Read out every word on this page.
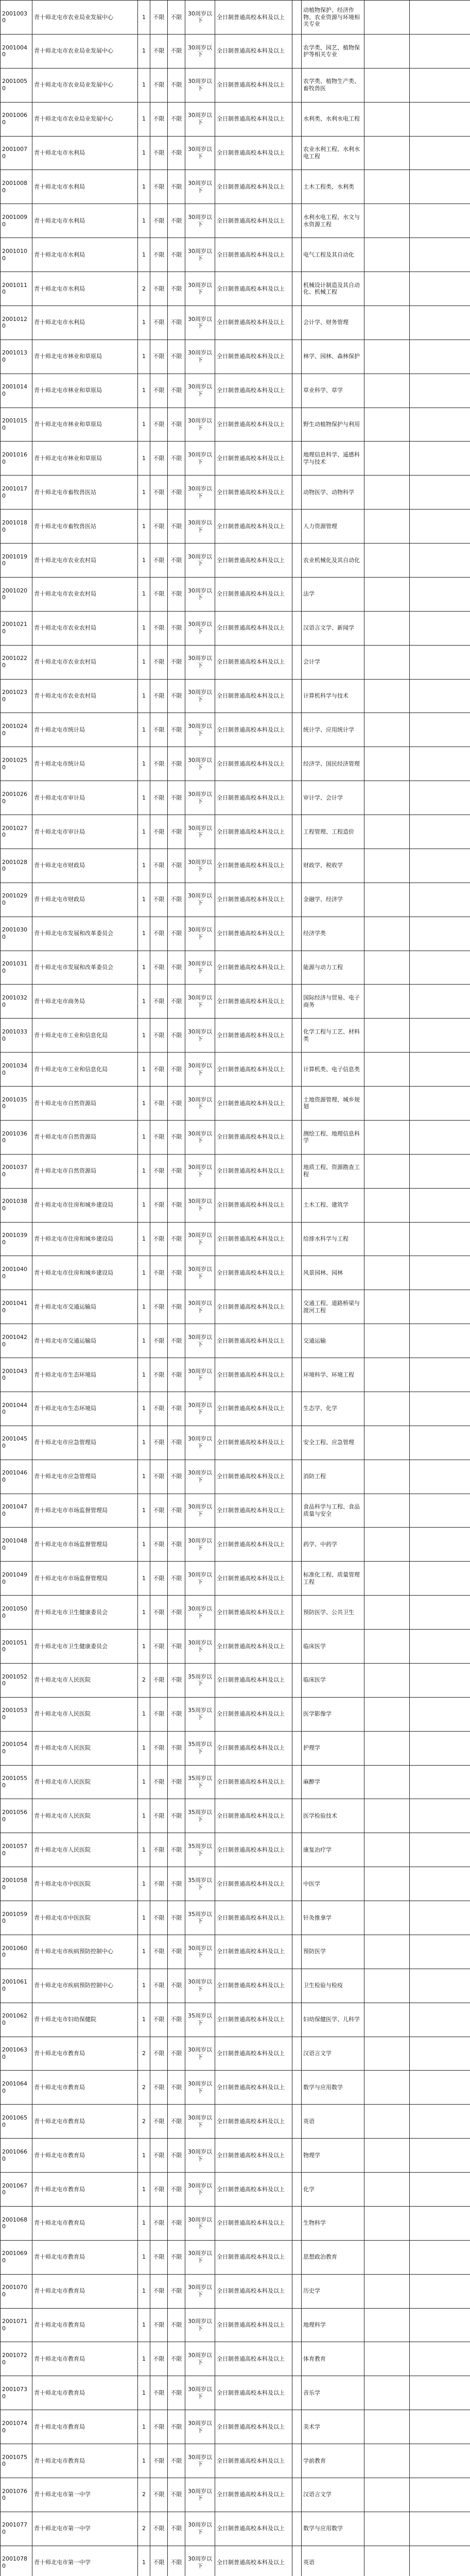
20010030	青十师北屯市农业局业发展中心	1	不限	不限	30周岁以下	全日制普通高校本科及以上		动植物保护、经济作物、农业资源与环境相关专业		
20010040	青十师北屯市农业局业发展中心	1	不限	不限	30周岁以下	全日制普通高校本科及以上		农学类、园艺、植物保护等相关专业		
20010050	青十师北屯市农业局业发展中心	1	不限	不限	30周岁以下	全日制普通高校本科及以上		农学类、植物生产类、畜牧兽医		
20010060	青十师北屯市农业局业发展中心	1	不限	不限	30周岁以下	全日制普通高校本科及以上		水利类、水利水电工程		
20010070	青十师北屯市水利局	1	不限	不限	30周岁以下	全日制普通高校本科及以上		农业水利工程、水利水电工程		
20010080	青十师北屯市水利局	1	不限	不限	30周岁以下	全日制普通高校本科及以上		土木工程类、水利类		
20010090	青十师北屯市水利局	1	不限	不限	30周岁以下	全日制普通高校本科及以上		水利水电工程、水文与水资源工程		
20010100	青十师北屯市水利局	1	不限	不限	30周岁以下	全日制普通高校本科及以上		电气工程及其自动化		
20010110	青十师北屯市水利局	2	不限	不限	30周岁以下	全日制普通高校本科及以上		机械设计制造及其自动化、机械工程		
20010120	青十师北屯市水利局	1	不限	不限	30周岁以下	全日制普通高校本科及以上		会计学、财务管理		
20010130	青十师北屯市林业和草原局	1	不限	不限	30周岁以下	全日制普通高校本科及以上		林学、园林、森林保护		
20010140	青十师北屯市林业和草原局	1	不限	不限	30周岁以下	全日制普通高校本科及以上		草业科学、草学		
20010150	青十师北屯市林业和草原局	1	不限	不限	30周岁以下	全日制普通高校本科及以上		野生动植物保护与利用		
20010160	青十师北屯市林业和草原局	1	不限	不限	30周岁以下	全日制普通高校本科及以上		地理信息科学、遥感科学与技术		
20010170	青十师北屯市畜牧兽医站	1	不限	不限	30周岁以下	全日制普通高校本科及以上		动物医学、动物科学		
20010180	青十师北屯市畜牧兽医站	1	不限	不限	30周岁以下	全日制普通高校本科及以上		人力资源管理		
20010190	青十师北屯市农业农村局	1	不限	不限	30周岁以下	全日制普通高校本科及以上		农业机械化及其自动化		
20010200	青十师北屯市农业农村局	1	不限	不限	30周岁以下	全日制普通高校本科及以上		法学		
20010210	青十师北屯市农业农村局	1	不限	不限	30周岁以下	全日制普通高校本科及以上		汉语言文学、新闻学		
20010220	青十师北屯市农业农村局	1	不限	不限	30周岁以下	全日制普通高校本科及以上		会计学		
20010230	青十师北屯市农业农村局	1	不限	不限	30周岁以下	全日制普通高校本科及以上		计算机科学与技术		
20010240	青十师北屯市统计局	1	不限	不限	30周岁以下	全日制普通高校本科及以上		统计学、应用统计学		
20010250	青十师北屯市统计局	1	不限	不限	30周岁以下	全日制普通高校本科及以上		经济学、国民经济管理		
20010260	青十师北屯市审计局	1	不限	不限	30周岁以下	全日制普通高校本科及以上		审计学、会计学		
20010270	青十师北屯市审计局	1	不限	不限	30周岁以下	全日制普通高校本科及以上		工程管理、工程造价		
20010280	青十师北屯市财政局	1	不限	不限	30周岁以下	全日制普通高校本科及以上		财政学、税收学		
20010290	青十师北屯市财政局	1	不限	不限	30周岁以下	全日制普通高校本科及以上		金融学、经济学		
20010300	青十师北屯市发展和改革委员会	1	不限	不限	30周岁以下	全日制普通高校本科及以上		经济学类		
20010310	青十师北屯市发展和改革委员会	1	不限	不限	30周岁以下	全日制普通高校本科及以上		能源与动力工程		
20010320	青十师北屯市商务局	1	不限	不限	30周岁以下	全日制普通高校本科及以上		国际经济与贸易、电子商务		
20010330	青十师北屯市工业和信息化局	1	不限	不限	30周岁以下	全日制普通高校本科及以上		化学工程与工艺、材料类		
20010340	青十师北屯市工业和信息化局	1	不限	不限	30周岁以下	全日制普通高校本科及以上		计算机类、电子信息类		
20010350	青十师北屯市自然资源局	1	不限	不限	30周岁以下	全日制普通高校本科及以上		土地资源管理、城乡规划		
20010360	青十师北屯市自然资源局	1	不限	不限	30周岁以下	全日制普通高校本科及以上		测绘工程、地理信息科学		
20010370	青十师北屯市自然资源局	1	不限	不限	30周岁以下	全日制普通高校本科及以上		地质工程、资源勘查工程		
20010380	青十师北屯市住房和城乡建设局	1	不限	不限	30周岁以下	全日制普通高校本科及以上		土木工程、建筑学		
20010390	青十师北屯市住房和城乡建设局	1	不限	不限	30周岁以下	全日制普通高校本科及以上		给排水科学与工程		
20010400	青十师北屯市住房和城乡建设局	1	不限	不限	30周岁以下	全日制普通高校本科及以上		风景园林、园林		
20010410	青十师北屯市交通运输局	1	不限	不限	30周岁以下	全日制普通高校本科及以上		交通工程、道路桥梁与渡河工程		
20010420	青十师北屯市交通运输局	1	不限	不限	30周岁以下	全日制普通高校本科及以上		交通运输		
20010430	青十师北屯市生态环境局	1	不限	不限	30周岁以下	全日制普通高校本科及以上		环境科学、环境工程		
20010440	青十师北屯市生态环境局	1	不限	不限	30周岁以下	全日制普通高校本科及以上		生态学、化学		
20010450	青十师北屯市应急管理局	1	不限	不限	30周岁以下	全日制普通高校本科及以上		安全工程、应急管理		
20010460	青十师北屯市应急管理局	1	不限	不限	30周岁以下	全日制普通高校本科及以上		消防工程		
20010470	青十师北屯市市场监督管理局	1	不限	不限	30周岁以下	全日制普通高校本科及以上		食品科学与工程、食品质量与安全		
20010480	青十师北屯市市场监督管理局	1	不限	不限	30周岁以下	全日制普通高校本科及以上		药学、中药学		
20010490	青十师北屯市市场监督管理局	1	不限	不限	30周岁以下	全日制普通高校本科及以上		标准化工程、质量管理工程		
20010500	青十师北屯市卫生健康委员会	1	不限	不限	30周岁以下	全日制普通高校本科及以上		预防医学、公共卫生		
20010510	青十师北屯市卫生健康委员会	1	不限	不限	30周岁以下	全日制普通高校本科及以上		临床医学		
20010520	青十师北屯市人民医院	2	不限	不限	35周岁以下	全日制普通高校本科及以上		临床医学		
20010530	青十师北屯市人民医院	1	不限	不限	35周岁以下	全日制普通高校本科及以上		医学影像学		
20010540	青十师北屯市人民医院	1	不限	不限	35周岁以下	全日制普通高校本科及以上		护理学		
20010550	青十师北屯市人民医院	1	不限	不限	35周岁以下	全日制普通高校本科及以上		麻醉学		
20010560	青十师北屯市人民医院	1	不限	不限	35周岁以下	全日制普通高校本科及以上		医学检验技术		
20010570	青十师北屯市人民医院	1	不限	不限	35周岁以下	全日制普通高校本科及以上		康复治疗学		
20010580	青十师北屯市中医医院	1	不限	不限	35周岁以下	全日制普通高校本科及以上		中医学		
20010590	青十师北屯市中医医院	1	不限	不限	35周岁以下	全日制普通高校本科及以上		针灸推拿学		
20010600	青十师北屯市疾病预防控制中心	1	不限	不限	30周岁以下	全日制普通高校本科及以上		预防医学		
20010610	青十师北屯市疾病预防控制中心	1	不限	不限	30周岁以下	全日制普通高校本科及以上		卫生检验与检疫		
20010620	青十师北屯市妇幼保健院	1	不限	不限	35周岁以下	全日制普通高校本科及以上		妇幼保健医学、儿科学		
20010630	青十师北屯市教育局	2	不限	不限	30周岁以下	全日制普通高校本科及以上		汉语言文学		
20010640	青十师北屯市教育局	2	不限	不限	30周岁以下	全日制普通高校本科及以上		数学与应用数学		
20010650	青十师北屯市教育局	2	不限	不限	30周岁以下	全日制普通高校本科及以上		英语		
20010660	青十师北屯市教育局	1	不限	不限	30周岁以下	全日制普通高校本科及以上		物理学		
20010670	青十师北屯市教育局	1	不限	不限	30周岁以下	全日制普通高校本科及以上		化学		
20010680	青十师北屯市教育局	1	不限	不限	30周岁以下	全日制普通高校本科及以上		生物科学		
20010690	青十师北屯市教育局	1	不限	不限	30周岁以下	全日制普通高校本科及以上		思想政治教育		
20010700	青十师北屯市教育局	1	不限	不限	30周岁以下	全日制普通高校本科及以上		历史学		
20010710	青十师北屯市教育局	1	不限	不限	30周岁以下	全日制普通高校本科及以上		地理科学		
20010720	青十师北屯市教育局	1	不限	不限	30周岁以下	全日制普通高校本科及以上		体育教育		
20010730	青十师北屯市教育局	1	不限	不限	30周岁以下	全日制普通高校本科及以上		音乐学		
20010740	青十师北屯市教育局	1	不限	不限	30周岁以下	全日制普通高校本科及以上		美术学		
20010750	青十师北屯市教育局	1	不限	不限	30周岁以下	全日制普通高校本科及以上		学前教育		
20010760	青十师北屯市第一中学	2	不限	不限	30周岁以下	全日制普通高校本科及以上		汉语言文学		
20010770	青十师北屯市第一中学	2	不限	不限	30周岁以下	全日制普通高校本科及以上		数学与应用数学		
20010780	青十师北屯市第一中学	1	不限	不限	30周岁以下	全日制普通高校本科及以上		英语		
